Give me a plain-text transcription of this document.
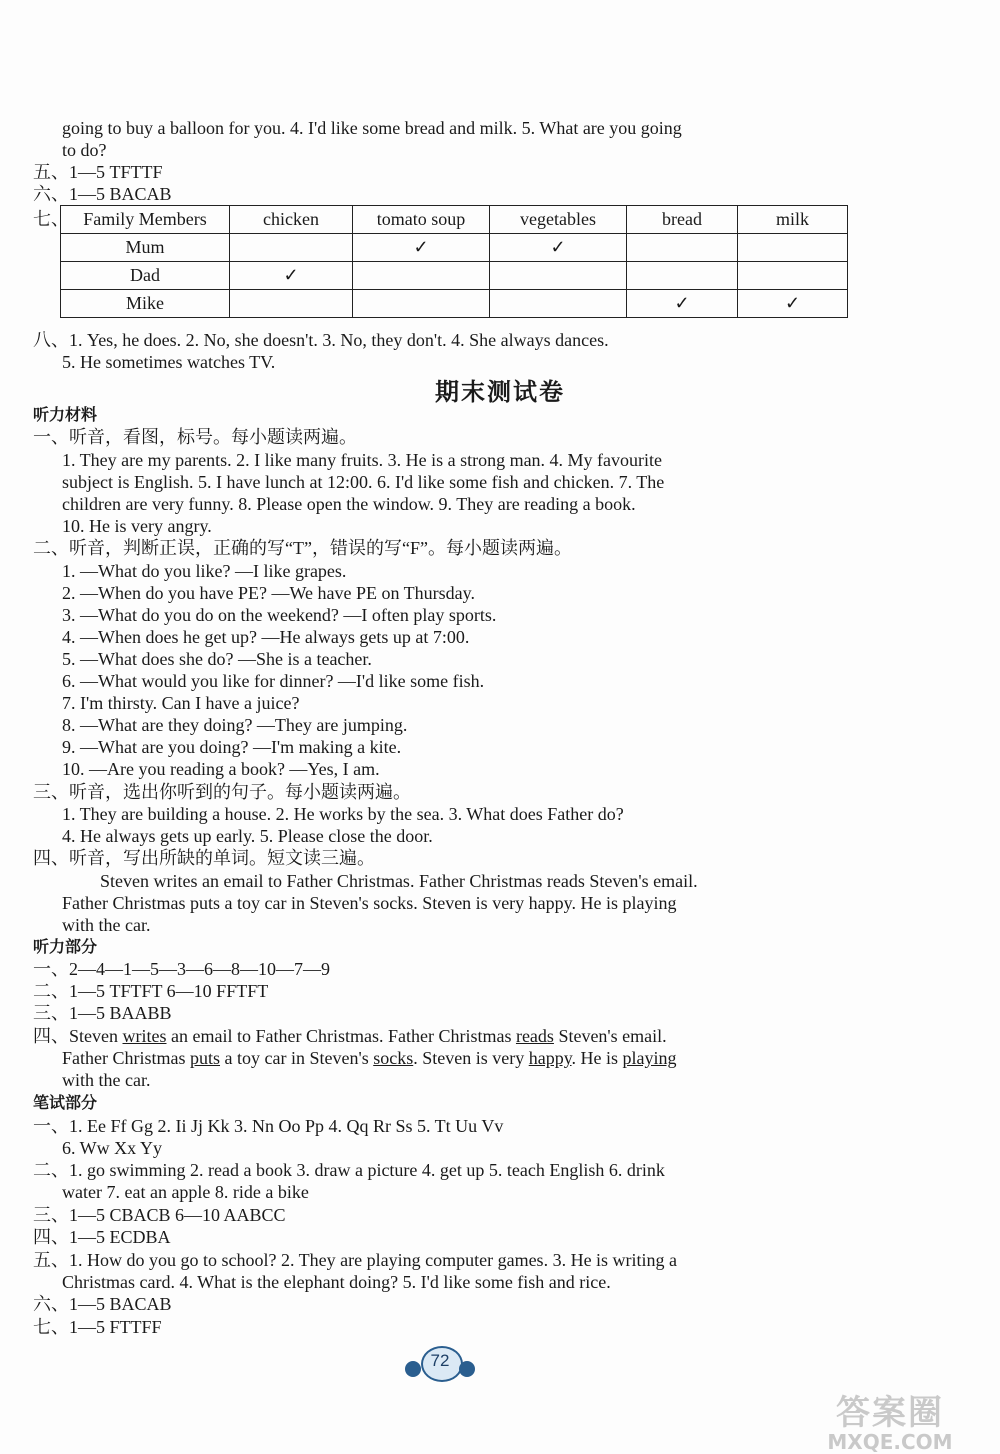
going to buy a balloon for you. 4. I'd like some bread and milk. 5. What are you going
to do?
五、1—5 TFTTF
六、1—5 BACAB
七、 Family Members	chicken	tomato soup	vegetables	bread	milk
Mum		✓	✓		
Dad	✓				
Mike				✓	✓
八、1. Yes, he does. 2. No, she doesn't. 3. No, they don't. 4. She always dances.
5. He sometimes watches TV.
期末测试卷
听力材料
一、听音，看图，标号。每小题读两遍。
1. They are my parents. 2. I like many fruits. 3. He is a strong man. 4. My favourite
subject is English. 5. I have lunch at 12:00. 6. I'd like some fish and chicken. 7. The
children are very funny. 8. Please open the window. 9. They are reading a book.
10. He is very angry.
二、听音，判断正误，正确的写“T”，错误的写“F”。每小题读两遍。
1. —What do you like? —I like grapes.
2. —When do you have PE? —We have PE on Thursday.
3. —What do you do on the weekend? —I often play sports.
4. —When does he get up? —He always gets up at 7:00.
5. —What does she do? —She is a teacher.
6. —What would you like for dinner? —I'd like some fish.
7. I'm thirsty. Can I have a juice?
8. —What are they doing? —They are jumping.
9. —What are you doing? —I'm making a kite.
10. —Are you reading a book? —Yes, I am.
三、听音，选出你听到的句子。每小题读两遍。
1. They are building a house. 2. He works by the sea. 3. What does Father do?
4. He always gets up early. 5. Please close the door.
四、听音，写出所缺的单词。短文读三遍。
Steven writes an email to Father Christmas. Father Christmas reads Steven's email.
Father Christmas puts a toy car in Steven's socks. Steven is very happy. He is playing
with the car.
听力部分
一、2—4—1—5—3—6—8—10—7—9
二、1—5 TFTFT 6—10 FFTFT
三、1—5 BAABB
四、Steven writes an email to Father Christmas. Father Christmas reads Steven's email.
Father Christmas puts a toy car in Steven's socks. Steven is very happy. He is playing
with the car.
笔试部分
一、1. Ee Ff Gg 2. Ii Jj Kk 3. Nn Oo Pp 4. Qq Rr Ss 5. Tt Uu Vv
6. Ww Xx Yy
二、1. go swimming 2. read a book 3. draw a picture 4. get up 5. teach English 6. drink
water 7. eat an apple 8. ride a bike
三、1—5 CBACB 6—10 AABCC
四、1—5 ECDBA
五、1. How do you go to school? 2. They are playing computer games. 3. He is writing a
Christmas card. 4. What is the elephant doing? 5. I'd like some fish and rice.
六、1—5 BACAB
七、1—5 FTTFF
72
答案圈
MXQE.COM
